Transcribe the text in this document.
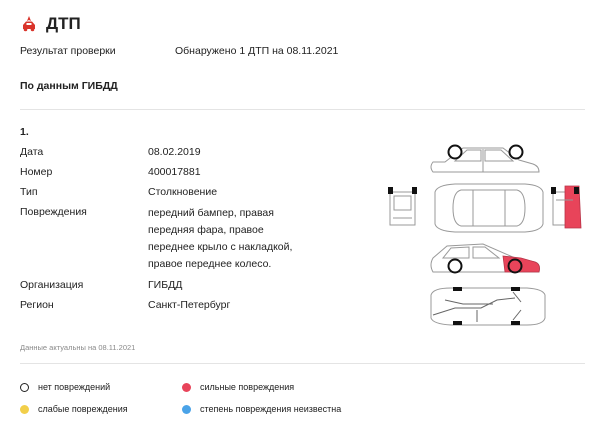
ДТП
Результат проверки	Обнаружено 1 ДТП на 08.11.2021
По данным ГИБДД
1.
Дата	08.02.2019
Номер	400017881
Тип	Столкновение
Повреждения	передний бампер, правая передняя фара, правое переднее крыло с накладкой, правое переднее колесо.
Организация	ГИБДД
Регион	Санкт-Петербург
Данные актуальны на 08.11.2021
нет повреждений	сильные повреждения
слабые повреждения	степень повреждения неизвестна
